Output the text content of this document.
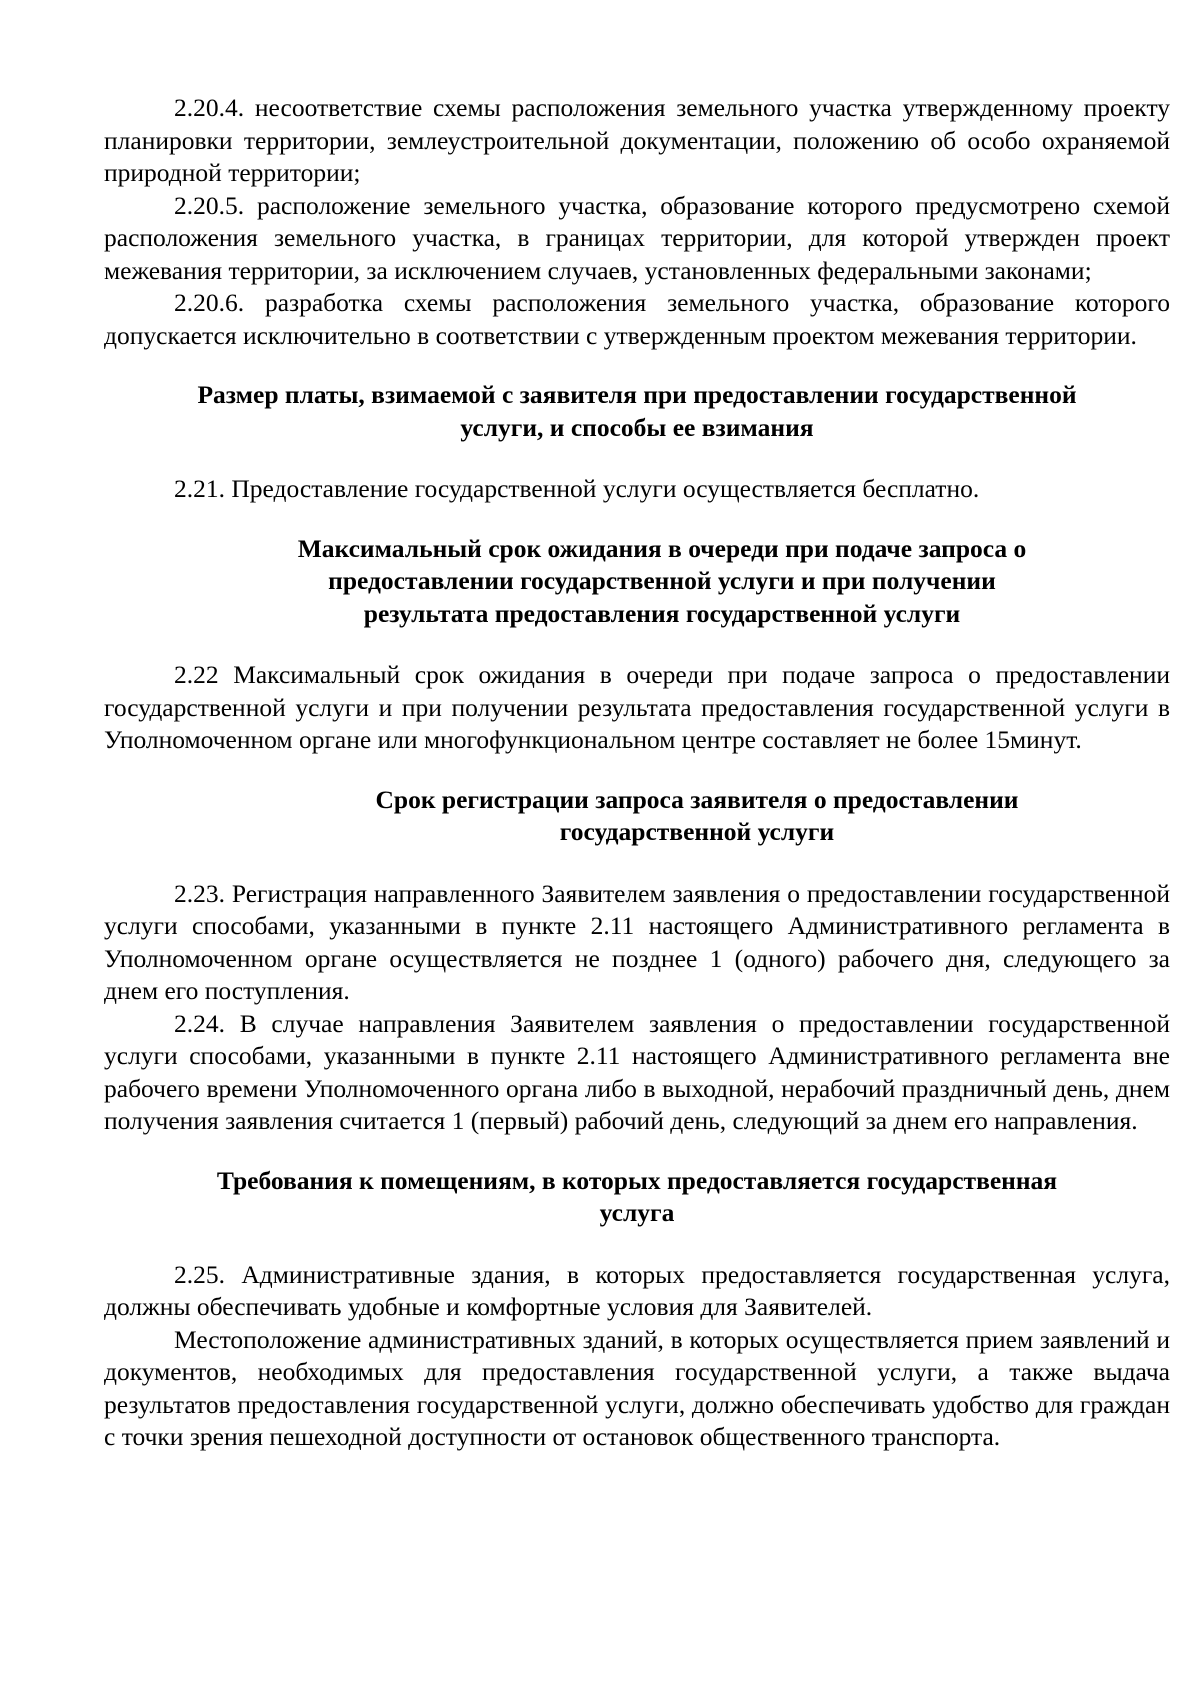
2.20.4. несоответствие схемы расположения земельного участка утвержденному проекту планировки территории, землеустроительной документации, положению об особо охраняемой природной территории;

2.20.5. расположение земельного участка, образование которого предусмотрено схемой расположения земельного участка, в границах территории, для которой утвержден проект межевания территории, за исключением случаев, установленных федеральными законами;

2.20.6. разработка схемы расположения земельного участка, образование которого допускается исключительно в соответствии с утвержденным проектом межевания территории.

Размер платы, взимаемой с заявителя при предоставлении государственной
услуги, и способы ее взимания

2.21. Предоставление государственной услуги осуществляется бесплатно.

Максимальный срок ожидания в очереди при подаче запроса о
предоставлении государственной услуги и при получении
результата предоставления государственной услуги

2.22 Максимальный срок ожидания в очереди при подаче запроса о предоставлении государственной услуги и при получении результата предоставления государственной услуги в Уполномоченном органе или многофункциональном центре составляет не более 15минут.

Срок регистрации запроса заявителя о предоставлении
государственной услуги

2.23. Регистрация направленного Заявителем заявления о предоставлении государственной услуги способами, указанными в пункте 2.11 настоящего Административного регламента в Уполномоченном органе осуществляется не позднее 1 (одного) рабочего дня, следующего за днем его поступления.

2.24. В случае направления Заявителем заявления о предоставлении государственной услуги способами, указанными в пункте 2.11 настоящего Административного регламента вне рабочего времени Уполномоченного органа либо в выходной, нерабочий праздничный день, днем получения заявления считается 1 (первый) рабочий день, следующий за днем его направления.

Требования к помещениям, в которых предоставляется государственная
услуга

2.25. Административные здания, в которых предоставляется государственная услуга, должны обеспечивать удобные и комфортные условия для Заявителей.

Местоположение административных зданий, в которых осуществляется прием заявлений и документов, необходимых для предоставления государственной услуги, а также выдача результатов предоставления государственной услуги, должно обеспечивать удобство для граждан с точки зрения пешеходной доступности от остановок общественного транспорта.
